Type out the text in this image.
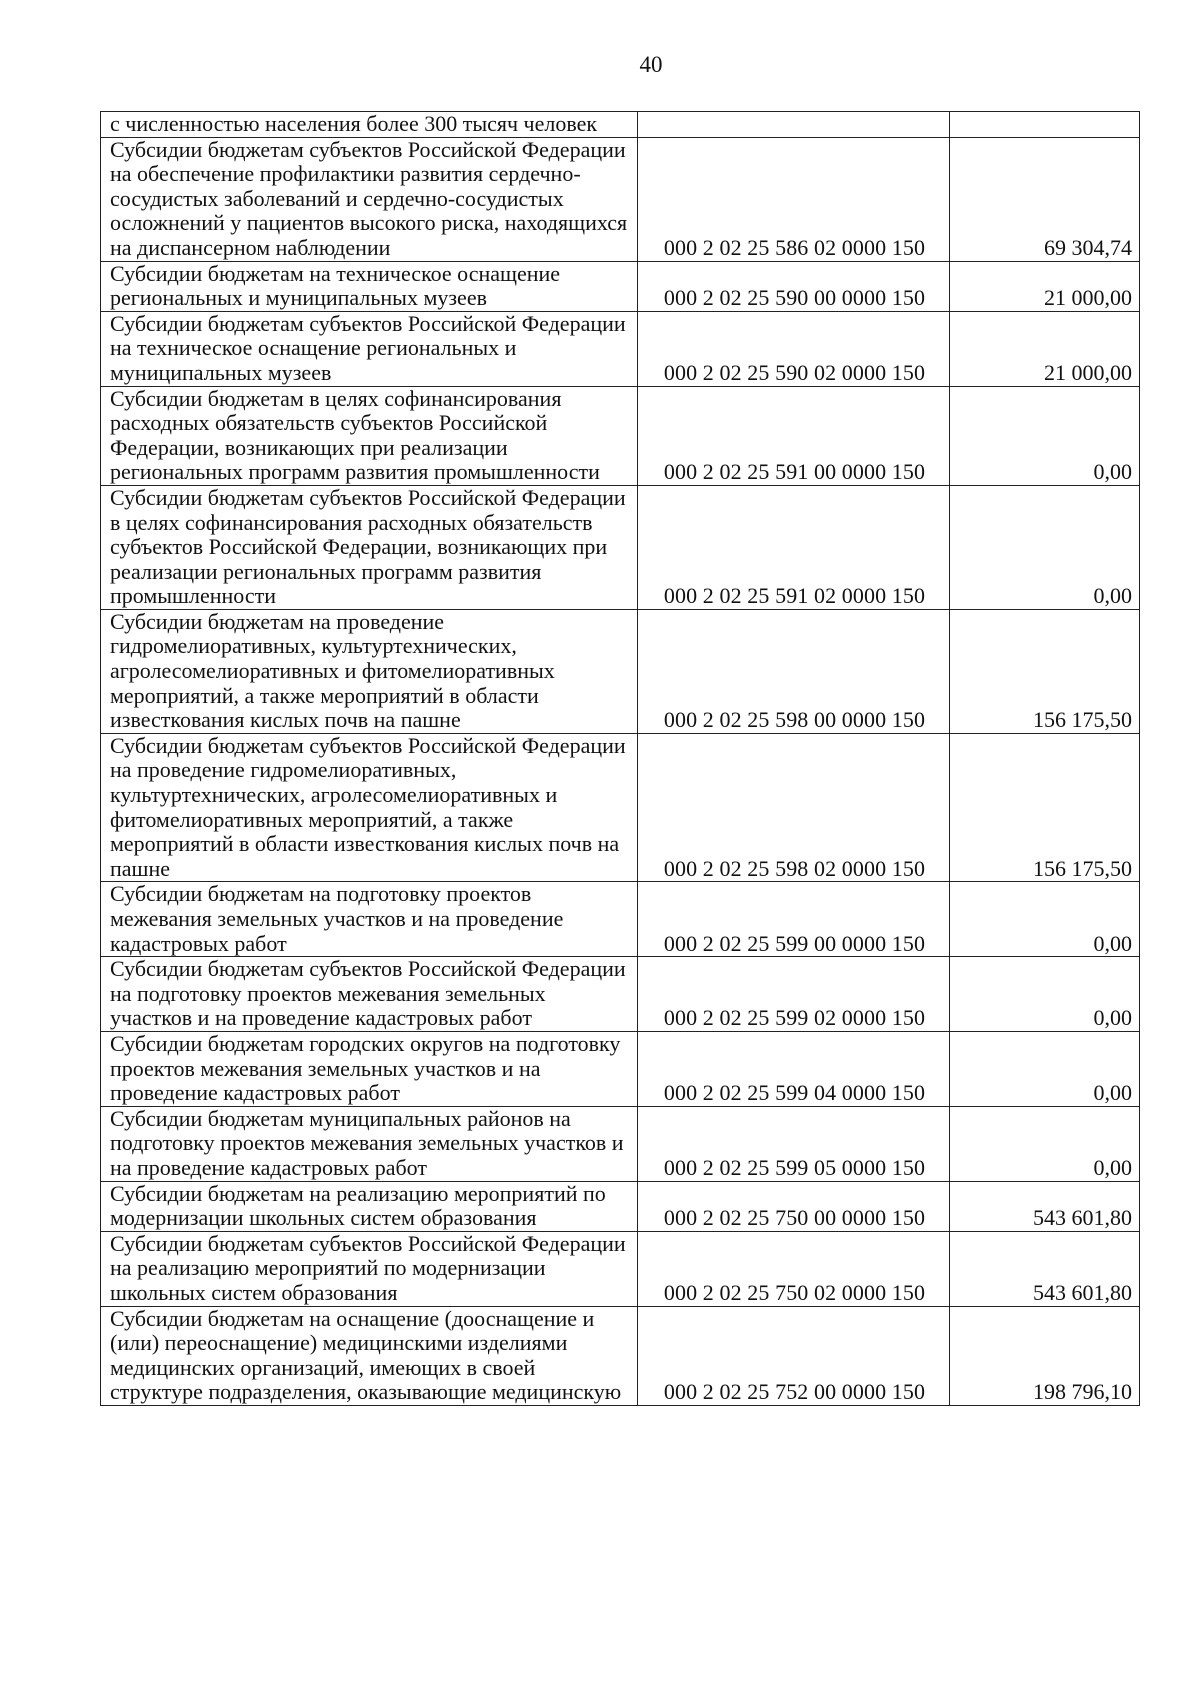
40
с численностью населения более 300 тысяч человек		
Субсидии бюджетам субъектов Российской Федерации на обеспечение профилактики развития сердечно-сосудистых заболеваний и сердечно-сосудистых осложнений у пациентов высокого риска, находящихся на диспансерном наблюдении	000 2 02 25 586 02 0000 150	69 304,74
Субсидии бюджетам на техническое оснащение региональных и муниципальных музеев	000 2 02 25 590 00 0000 150	21 000,00
Субсидии бюджетам субъектов Российской Федерации на техническое оснащение региональных и муниципальных музеев	000 2 02 25 590 02 0000 150	21 000,00
Субсидии бюджетам в целях софинансирования расходных обязательств субъектов Российской Федерации, возникающих при реализации региональных программ развития промышленности	000 2 02 25 591 00 0000 150	0,00
Субсидии бюджетам субъектов Российской Федерации в целях софинансирования расходных обязательств субъектов Российской Федерации, возникающих при реализации региональных программ развития промышленности	000 2 02 25 591 02 0000 150	0,00
Субсидии бюджетам на проведение гидромелиоративных, культуртехнических, агролесомелиоративных и фитомелиоративных мероприятий, а также мероприятий в области известкования кислых почв на пашне	000 2 02 25 598 00 0000 150	156 175,50
Субсидии бюджетам субъектов Российской Федерации на проведение гидромелиоративных, культуртехнических, агролесомелиоративных и фитомелиоративных мероприятий, а также мероприятий в области известкования кислых почв на пашне	000 2 02 25 598 02 0000 150	156 175,50
Субсидии бюджетам на подготовку проектов межевания земельных участков и на проведение кадастровых работ	000 2 02 25 599 00 0000 150	0,00
Субсидии бюджетам субъектов Российской Федерации на подготовку проектов межевания земельных участков и на проведение кадастровых работ	000 2 02 25 599 02 0000 150	0,00
Субсидии бюджетам городских округов на подготовку проектов межевания земельных участков и на проведение кадастровых работ	000 2 02 25 599 04 0000 150	0,00
Субсидии бюджетам муниципальных районов на подготовку проектов межевания земельных участков и на проведение кадастровых работ	000 2 02 25 599 05 0000 150	0,00
Субсидии бюджетам на реализацию мероприятий по модернизации школьных систем образования	000 2 02 25 750 00 0000 150	543 601,80
Субсидии бюджетам субъектов Российской Федерации на реализацию мероприятий по модернизации школьных систем образования	000 2 02 25 750 02 0000 150	543 601,80
Субсидии бюджетам на оснащение (дооснащение и (или) переоснащение) медицинскими изделиями медицинских организаций, имеющих в своей структуре подразделения, оказывающие медицинскую	000 2 02 25 752 00 0000 150	198 796,10
